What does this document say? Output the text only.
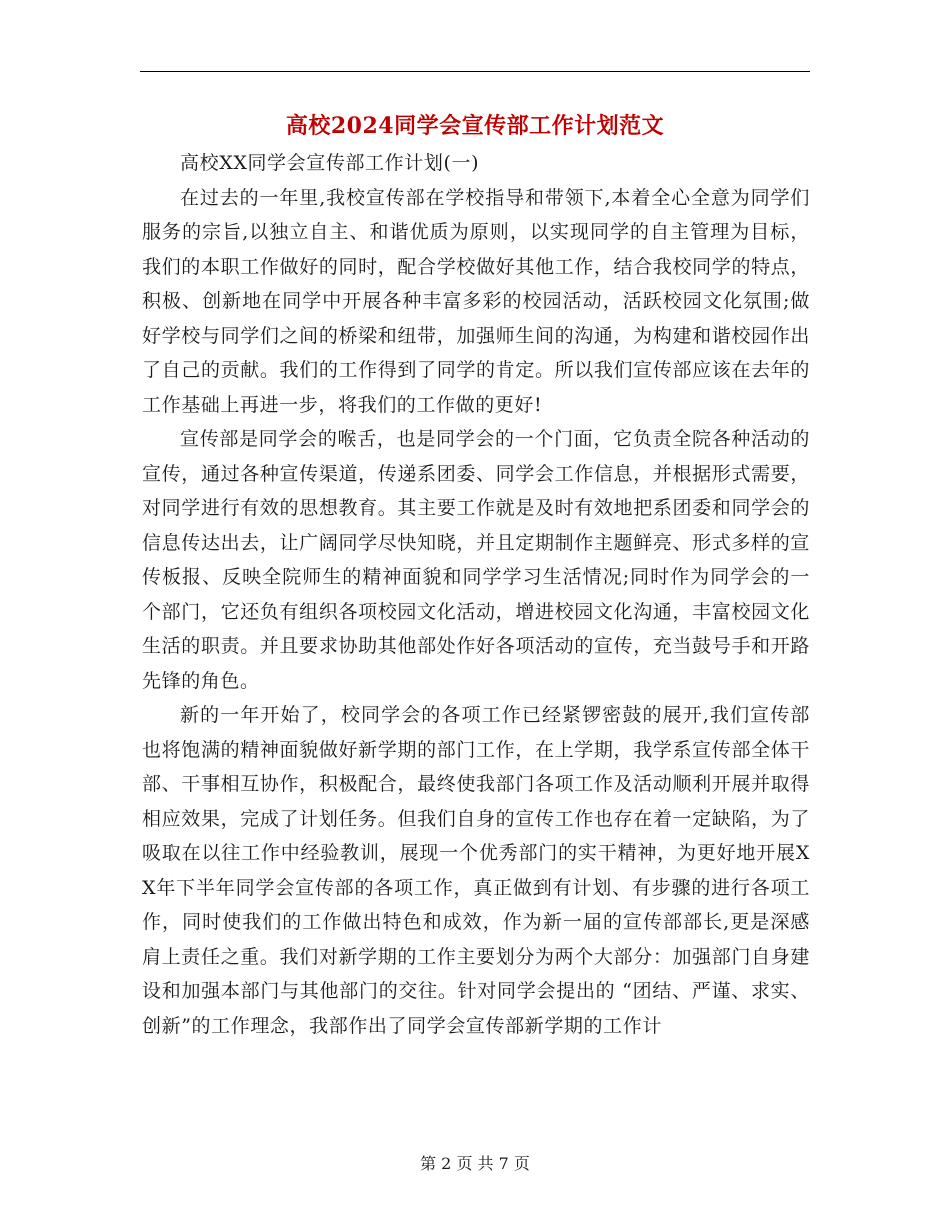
高校2024同学会宣传部工作计划范文

高校XX同学会宣传部工作计划(一)

在过去的一年里,我校宣传部在学校指导和带领下,本着全心全意为同学们服务的宗旨,以独立自主、和谐优质为原则，以实现同学的自主管理为目标，我们的本职工作做好的同时，配合学校做好其他工作，结合我校同学的特点，积极、创新地在同学中开展各种丰富多彩的校园活动，活跃校园文化氛围;做好学校与同学们之间的桥梁和纽带，加强师生间的沟通，为构建和谐校园作出了自己的贡献。我们的工作得到了同学的肯定。所以我们宣传部应该在去年的工作基础上再进一步，将我们的工作做的更好!

宣传部是同学会的喉舌，也是同学会的一个门面，它负责全院各种活动的宣传，通过各种宣传渠道，传递系团委、同学会工作信息，并根据形式需要，对同学进行有效的思想教育。其主要工作就是及时有效地把系团委和同学会的信息传达出去，让广阔同学尽快知晓，并且定期制作主题鲜亮、形式多样的宣传板报、反映全院师生的精神面貌和同学学习生活情况;同时作为同学会的一个部门，它还负有组织各项校园文化活动，增进校园文化沟通，丰富校园文化生活的职责。并且要求协助其他部处作好各项活动的宣传，充当鼓号手和开路先锋的角色。

新的一年开始了，校同学会的各项工作已经紧锣密鼓的展开,我们宣传部也将饱满的精神面貌做好新学期的部门工作，在上学期，我学系宣传部全体干部、干事相互协作，积极配合，最终使我部门各项工作及活动顺利开展并取得相应效果，完成了计划任务。但我们自身的宣传工作也存在着一定缺陷，为了吸取在以往工作中经验教训，展现一个优秀部门的实干精神，为更好地开展XX年下半年同学会宣传部的各项工作，真正做到有计划、有步骤的进行各项工作，同时使我们的工作做出特色和成效，作为新一届的宣传部部长,更是深感肩上责任之重。我们对新学期的工作主要划分为两个大部分：加强部门自身建设和加强本部门与其他部门的交往。针对同学会提出的 “团结、严谨、求实、创新”的工作理念，我部作出了同学会宣传部新学期的工作计

第 2 页 共 7 页
